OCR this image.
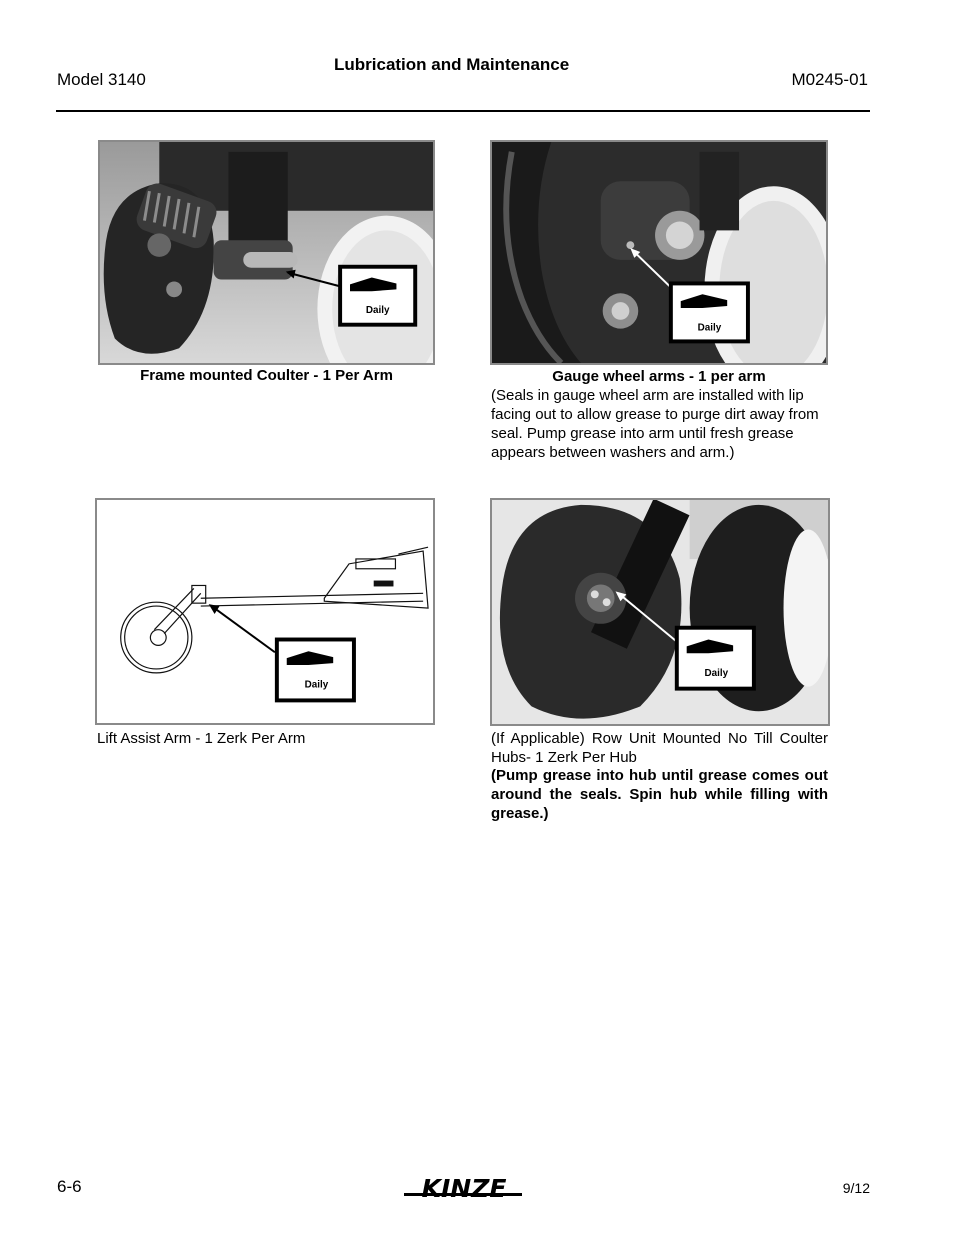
Model 3140
Lubrication and Maintenance
M0245-01
Daily
Frame mounted Coulter - 1 Per Arm
Daily
Gauge wheel arms - 1 per arm
(Seals in gauge wheel arm are installed with lip facing out to allow grease to purge dirt away from seal. Pump grease into arm until fresh grease appears between washers and arm.)
Daily
Lift Assist Arm - 1 Zerk Per Arm
Daily
(If Applicable) Row Unit Mounted No Till Coulter Hubs- 1 Zerk Per Hub
(Pump grease into hub until grease comes out around the seals. Spin hub while filling with grease.)
6-6	KINZE	9/12
